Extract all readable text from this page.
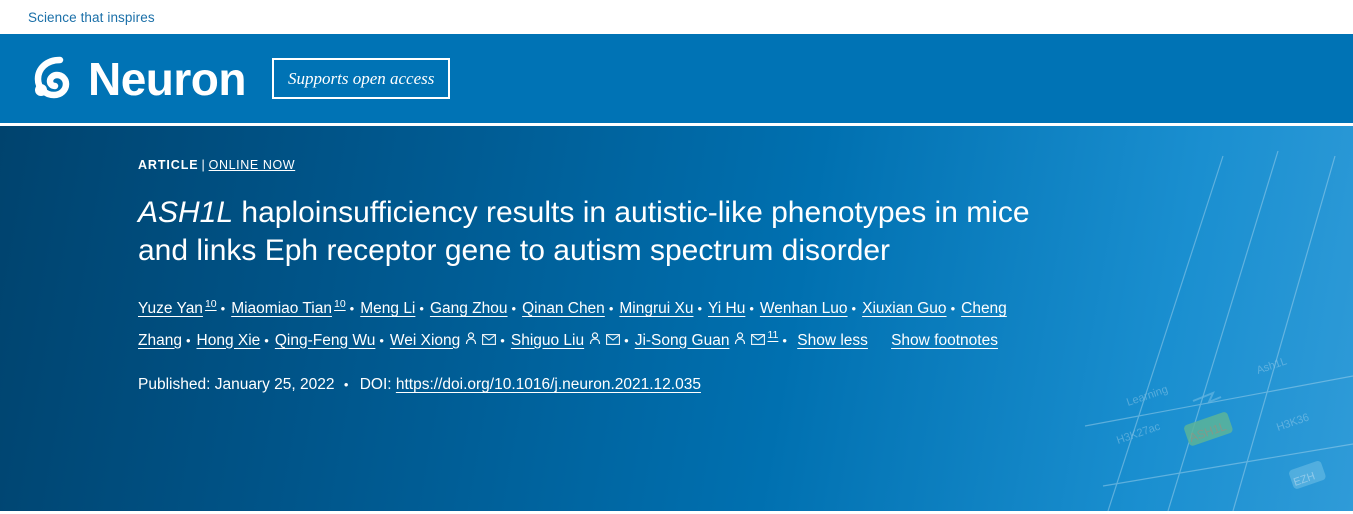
Science that inspires
Neuron	Supports open access
Learning
Ash1L
H3K27ac	H3K36
ASH1L
EZH
ARTICLE | ONLINE NOW
ASH1L haploinsufficiency results in autistic-like phenotypes in mice and links Eph receptor gene to autism spectrum disorder
Yuze Yan $^{10}$ • Miaomiao Tian $^{10}$ • Meng Li • Gang Zhou • Qinan Chen • Mingrui Xu • Yi Hu• Wenhan Luo • Xiuxian Guo • Cheng Zhang • Hong Xie • Qing-Feng Wu • Wei Xiong •	Shiguo Liu •	Ji-Song Guan	$^{11}$ • Show less Show footnotes
Published: January 25, 2022 • DOI: https://doi.org/10.1016/j.neuron.2021.12.035
